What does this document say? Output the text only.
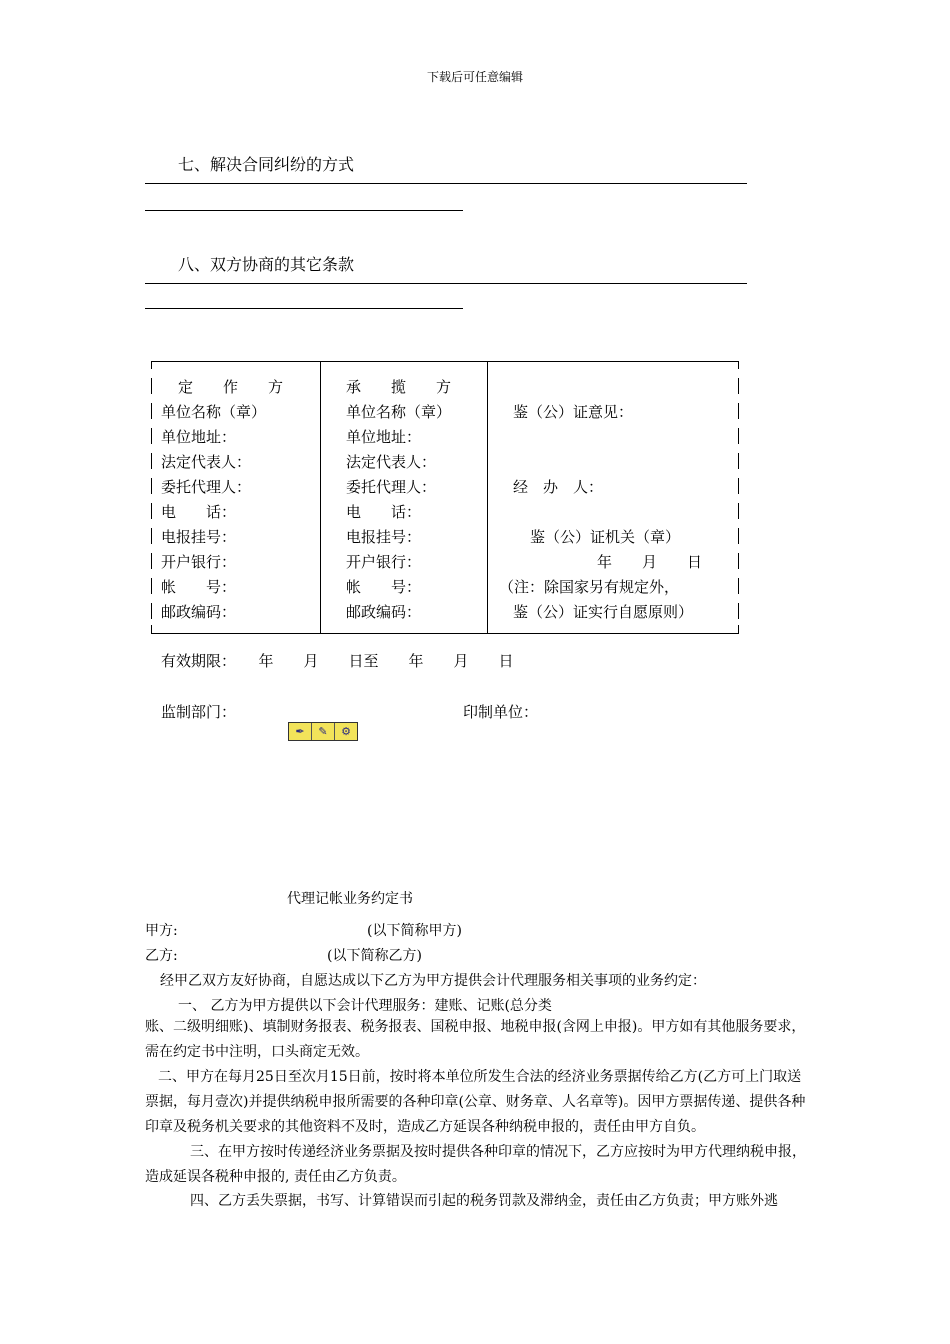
下载后可任意编辑
七、解决合同纠纷的方式
八、双方协商的其它条款
定　　作　　方	承　　揽　　方
单位名称（章）	单位名称（章）	鉴（公）证意见：
单位地址：	单位地址：
法定代表人：	法定代表人：
委托代理人：	委托代理人：	经　办　人：
电　　话：	电　　话：
电报挂号：	电报挂号：	鉴（公）证机关（章）
开户银行：	开户银行：	年　　月　　日
帐　　号：	帐　　号：	（注：除国家另有规定外，
邮政编码：	邮政编码：	鉴（公）证实行自愿原则）
有效期限：　　年　　月　　日至　　年　　月　　日
监制部门：	印制单位：
✒	✎	⚙
代理记帐业务约定书
甲方:	(以下简称甲方)
乙方:	(以下简称乙方)
经甲乙双方友好协商，自愿达成以下乙方为甲方提供会计代理服务相关事项的业务约定：
一、 乙方为甲方提供以下会计代理服务：建账、记账(总分类
账、二级明细账)、填制财务报表、税务报表、国税申报、地税申报(含网上申报)。甲方如有其他服务要求，需在约定书中注明，口头商定无效。
二、甲方在每月25日至次月15日前，按时将本单位所发生合法的经济业务票据传给乙方(乙方可上门取送票据，每月壹次)并提供纳税申报所需要的各种印章(公章、财务章、人名章等)。因甲方票据传递、提供各种印章及税务机关要求的其他资料不及时，造成乙方延误各种纳税申报的，责任由甲方自负。
三、在甲方按时传递经济业务票据及按时提供各种印章的情况下，乙方应按时为甲方代理纳税申报，造成延误各税种申报的, 责任由乙方负责。
四、乙方丢失票据，书写、计算错误而引起的税务罚款及滞纳金，责任由乙方负责；甲方账外逃
